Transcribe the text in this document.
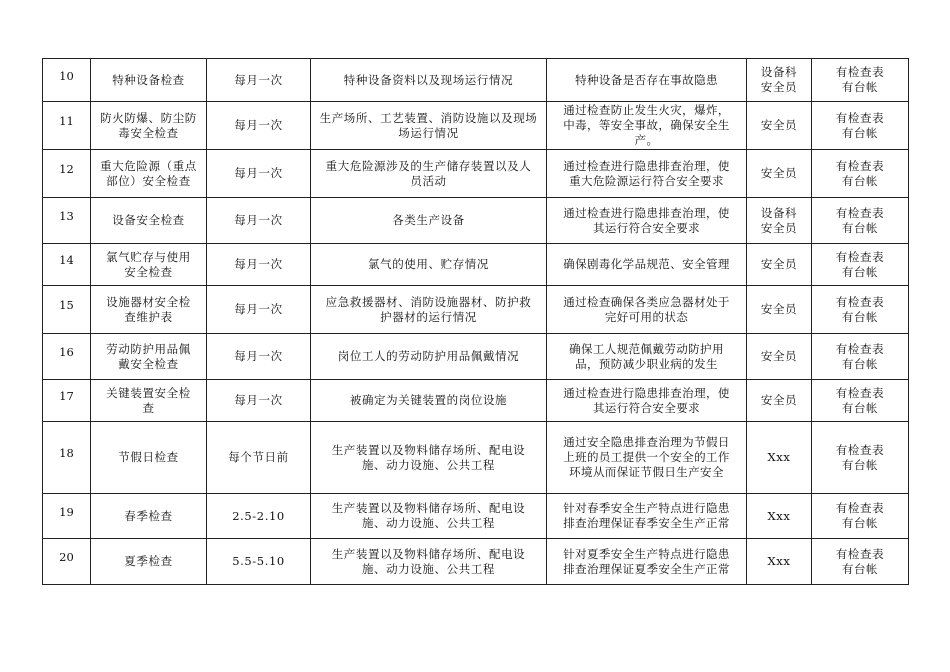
10	特种设备检查	每月一次	特种设备资料以及现场运行情况	特种设备是否存在事故隐患	设备科
安全员	有检查表
有台帐
11	防火防爆、防尘防
毒安全检查	每月一次	生产场所、工艺装置、消防设施以及现场
场运行情况	通过检查防止发生火灾，爆炸，
中毒，等安全事故，确保安全生
产。	安全员	有检查表
有台帐
12	重大危险源（重点
部位）安全检查	每月一次	重大危险源涉及的生产储存装置以及人
员活动	通过检查进行隐患排查治理，使
重大危险源运行符合安全要求	安全员	有检查表
有台帐
13	设备安全检查	每月一次	各类生产设备	通过检查进行隐患排查治理，使
其运行符合安全要求	设备科
安全员	有检查表
有台帐
14	氯气贮存与使用
安全检查	每月一次	氯气的使用、贮存情况	确保剧毒化学品规范、安全管理	安全员	有检查表
有台帐
15	设施器材安全检
查维护表	每月一次	应急救援器材、消防设施器材、防护救
护器材的运行情况	通过检查确保各类应急器材处于
完好可用的状态	安全员	有检查表
有台帐
16	劳动防护用品佩
戴安全检查	每月一次	岗位工人的劳动防护用品佩戴情况	确保工人规范佩戴劳动防护用
品，预防减少职业病的发生	安全员	有检查表
有台帐
17	关键装置安全检
查	每月一次	被确定为关键装置的岗位设施	通过检查进行隐患排查治理，使
其运行符合安全要求	安全员	有检查表
有台帐
18	节假日检查	每个节日前	生产装置以及物料储存场所、配电设
施、动力设施、公共工程	通过安全隐患排查治理为节假日
上班的员工提供一个安全的工作
环境从而保证节假日生产安全	Xxx	有检查表
有台帐
19	春季检查	2.5-2.10	生产装置以及物料储存场所、配电设
施、动力设施、公共工程	针对春季安全生产特点进行隐患
排查治理保证春季安全生产正常	Xxx	有检查表
有台帐
20	夏季检查	5.5-5.10	生产装置以及物料储存场所、配电设
施、动力设施、公共工程	针对夏季安全生产特点进行隐患
排查治理保证夏季安全生产正常	Xxx	有检查表
有台帐
